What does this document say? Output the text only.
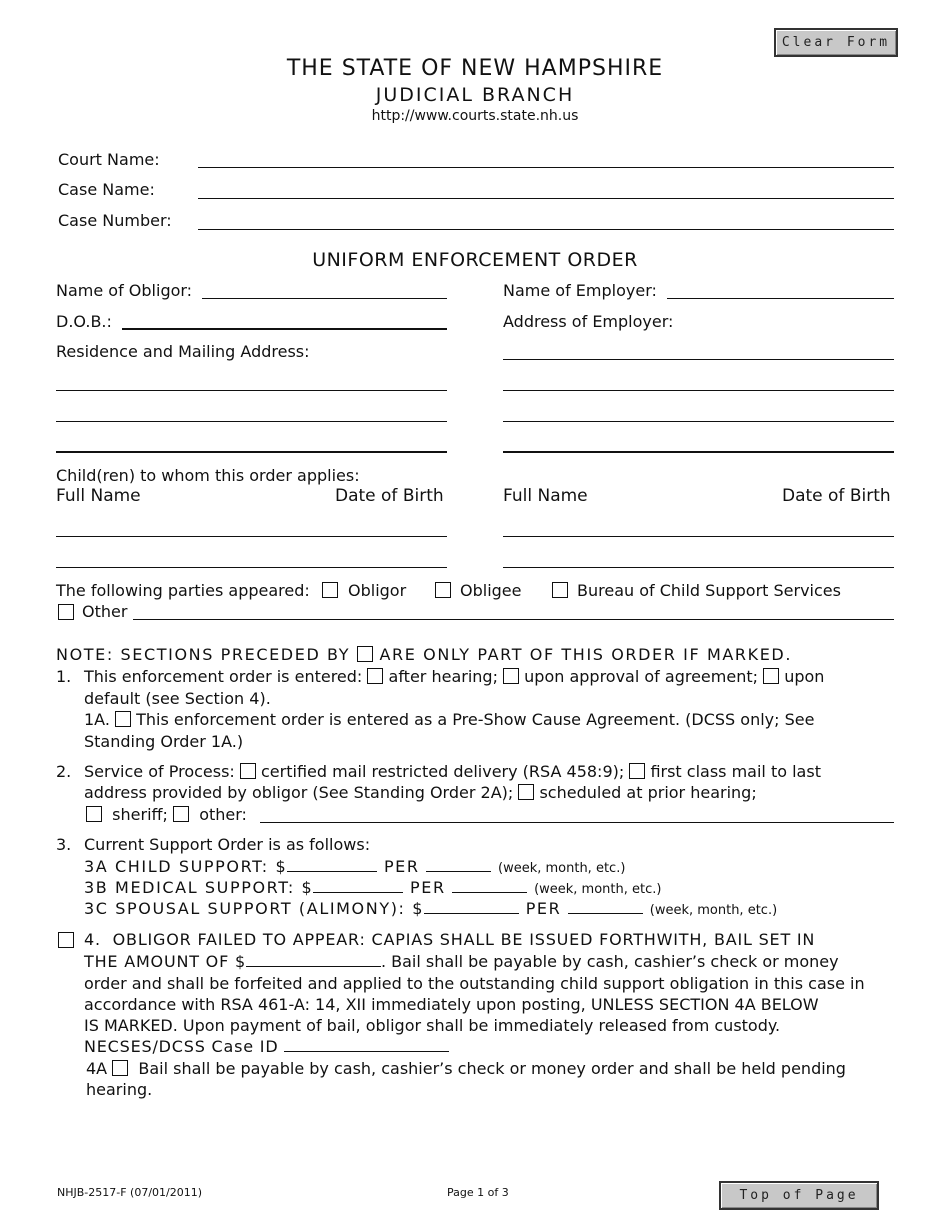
Clear Form
Top of Page
THE STATE OF NEW HAMPSHIRE
JUDICIAL BRANCH
http://www.courts.state.nh.us
Court Name:
Case Name:
Case Number:
UNIFORM ENFORCEMENT ORDER
Name of Obligor:
D.O.B.:
Residence and Mailing Address:
Name of Employer:
Address of Employer:
Child(ren) to whom this order applies:
Full Name	Date of Birth	Full Name	Date of Birth
The following parties appeared: Obligor	Obligee	Bureau of Child Support Services
Other
NOTE: SECTIONS PRECEDED BY ARE ONLY PART OF THIS ORDER IF MARKED.
1. This enforcement order is entered: after hearing; upon approval of agreement; upon
default (see Section 4).
1A. This enforcement order is entered as a Pre-Show Cause Agreement. (DCSS only; See
Standing Order 1A.)
2. Service of Process: certified mail restricted delivery (RSA 458:9); first class mail to last
address provided by obligor (See Standing Order 2A); scheduled at prior hearing;
sheriff; other:
3. Current Support Order is as follows:
3A CHILD SUPPORT: $	PER	(week, month, etc.)
3B MEDICAL SUPPORT: $	PER	(week, month, etc.)
3C SPOUSAL SUPPORT (ALIMONY): $	PER	(week, month, etc.)
4. OBLIGOR FAILED TO APPEAR: CAPIAS SHALL BE ISSUED FORTHWITH, BAIL SET IN
THE AMOUNT OF $	. Bail shall be payable by cash, cashier’s check or money
order and shall be forfeited and applied to the outstanding child support obligation in this case in
accordance with RSA 461-A: 14, XII immediately upon posting, UNLESS SECTION 4A BELOW
IS MARKED. Upon payment of bail, obligor shall be immediately released from custody.
NECSES/DCSS Case ID
4A Bail shall be payable by cash, cashier’s check or money order and shall be held pending
hearing.
NHJB-2517-F (07/01/2011)	Page 1 of 3
